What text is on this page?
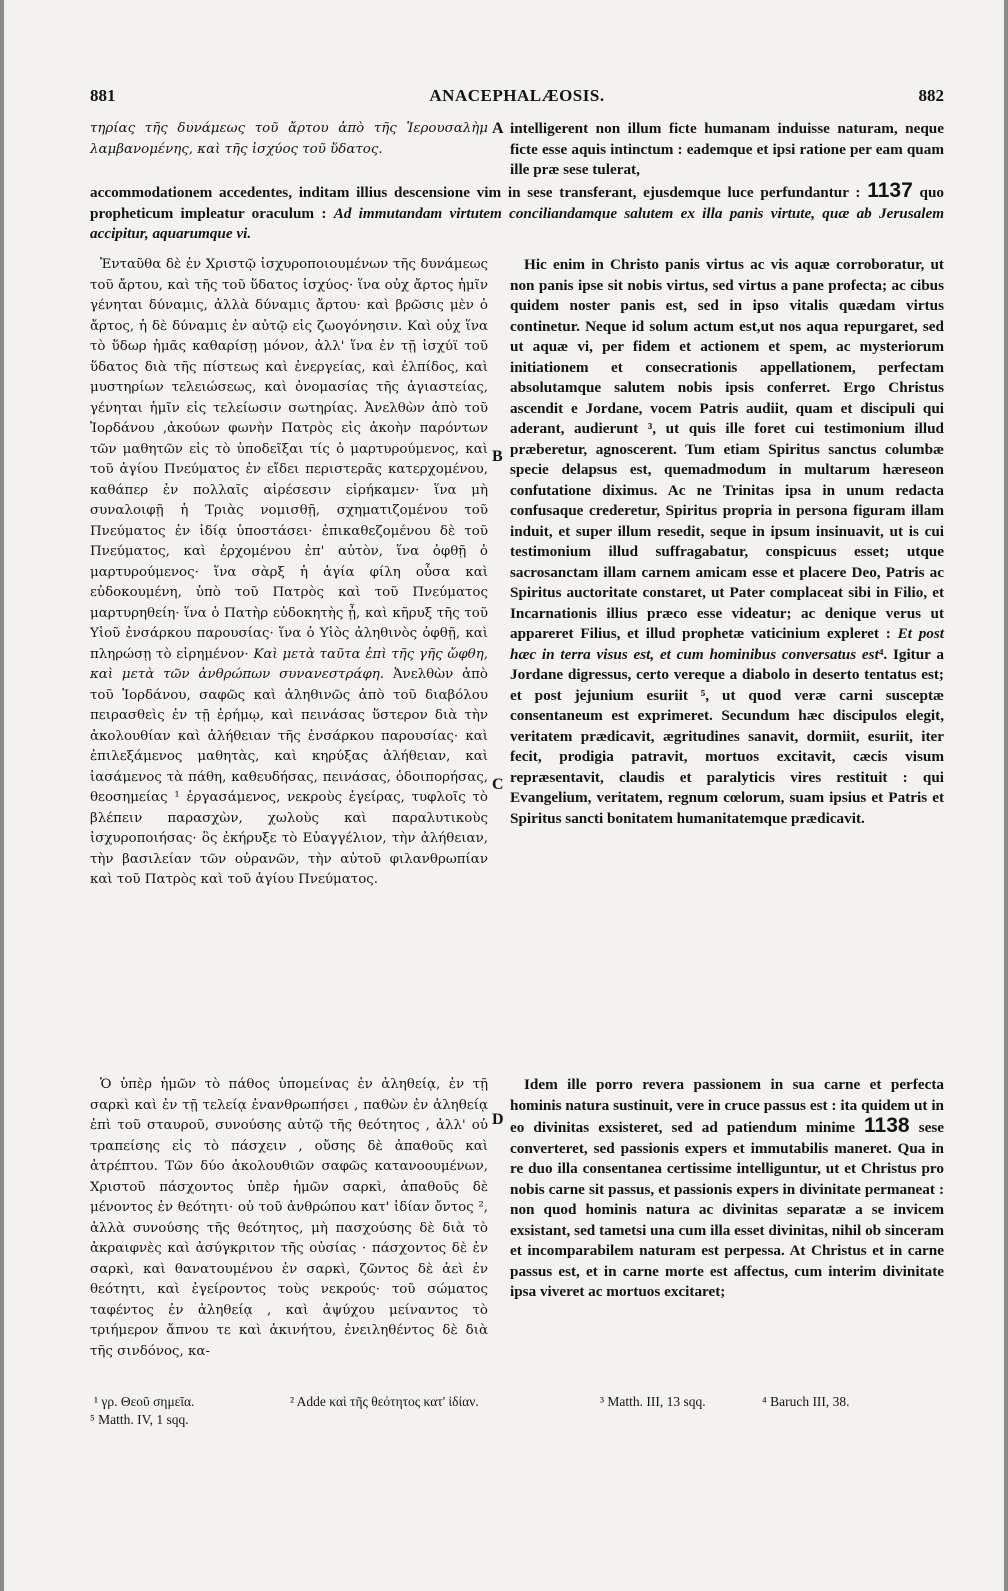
881	ANACEPHALÆOSIS.	882

τηρίας τῆς δυνάμεως τοῦ ἄρτου ἀπὸ τῆς Ἱερουσαλὴμ λαμβανομένης, καὶ τῆς ἰσχύος τοῦ ὕδατος.

A intelligerent non illum ficte humanam induisse naturam, neque ficte esse aquis intinctum : eademque et ipsi ratione per eam quam ille præ sese tulerat,

accommodationem accedentes, inditam illius descensione vim in sese transferant, ejusdemque luce perfundantur : 1137 quo propheticum impleatur oraculum : Ad immutandam virtutem conciliandamque salutem ex illa panis virtute, quæ ab Jerusalem accipitur, aquarumque vi.

Ἐνταῦθα δὲ ἐν Χριστῷ ἰσχυροποιουμένων τῆς δυνάμεως τοῦ ἄρτου, καὶ τῆς τοῦ ὕδατος ἰσχύος· ἵνα οὐχ ἄρτος ἡμῖν γένηται δύναμις, ἀλλὰ δύναμις ἄρτου· καὶ βρῶσις μὲν ὁ ἄρτος, ἡ δὲ δύναμις ἐν αὐτῷ εἰς ζωογόνησιν. Καὶ οὐχ ἵνα τὸ ὕδωρ ἡμᾶς καθαρίσῃ μόνον, ἀλλ' ἵνα ἐν τῇ ἰσχύϊ τοῦ ὕδατος διὰ τῆς πίστεως καὶ ἐνεργείας, καὶ ἐλπίδος, καὶ μυστηρίων τελειώσεως, καὶ ὀνομασίας τῆς ἁγιαστείας, γένηται ἡμῖν εἰς τελείωσιν σωτηρίας. Ἀνελθὼν ἀπὸ τοῦ Ἰορδάνου ,ἀκούων φωνὴν Πατρὸς εἰς ἀκοὴν παρόντων τῶν μαθητῶν εἰς τὸ ὑποδεῖξαι τίς ὁ μαρτυρούμενος, καὶ τοῦ ἁγίου Πνεύματος ἐν εἴδει περιστερᾶς κατερχομένου, καθάπερ ἐν πολλαῖς αἱρέσεσιν εἰρήκαμεν· ἵνα μὴ συναλοιφῇ ἡ Τριὰς νομισθῇ, σχηματιζομένου τοῦ Πνεύματος ἐν ἰδίᾳ ὑποστάσει· ἐπικαθεζομένου δὲ τοῦ Πνεύματος, καὶ ἐρχομένου ἐπ' αὐτὸν, ἵνα ὀφθῇ ὁ μαρτυρούμενος· ἵνα σὰρξ ἡ ἁγία φίλη οὖσα καὶ εὐδοκουμένη, ὑπὸ τοῦ Πατρὸς καὶ τοῦ Πνεύματος μαρτυρηθείη· ἵνα ὁ Πατὴρ εὐδοκητὴς ᾖ, καὶ κῆρυξ τῆς τοῦ Υἱοῦ ἐνσάρκου παρουσίας· ἵνα ὁ Υἱὸς ἀληθινὸς ὀφθῇ, καὶ πληρώσῃ τὸ εἰρημένον· Καὶ μετὰ ταῦτα ἐπὶ τῆς γῆς ὤφθη, καὶ μετὰ τῶν ἀνθρώπων συνανεστράφη. Ἀνελθὼν ἀπὸ τοῦ Ἰορδάνου, σαφῶς καὶ ἀληθινῶς ἀπὸ τοῦ διαβόλου πειρασθεὶς ἐν τῇ ἐρήμῳ, καὶ πεινάσας ὕστερον διὰ τὴν ἀκολουθίαν καὶ ἀλήθειαν τῆς ἐνσάρκου παρουσίας· καὶ ἐπιλεξάμενος μαθητὰς, καὶ κηρύξας ἀλήθειαν, καὶ ἰασάμενος τὰ πάθη, καθευδήσας, πεινάσας, ὁδοιπορήσας, θεοσημείας ¹ ἐργασάμενος, νεκροὺς ἐγείρας, τυφλοῖς τὸ βλέπειν παρασχὼν, χωλοὺς καὶ παραλυτικοὺς ἰσχυροποιήσας· ὃς ἐκήρυξε τὸ Εὐαγγέλιον, τὴν ἀλήθειαν, τὴν βασιλείαν τῶν οὐρανῶν, τὴν αὐτοῦ φιλανθρωπίαν καὶ τοῦ Πατρὸς καὶ τοῦ ἁγίου Πνεύματος.

Ὁ ὑπὲρ ἡμῶν τὸ πάθος ὑπομείνας ἐν ἀληθείᾳ, ἐν τῇ σαρκὶ καὶ ἐν τῇ τελείᾳ ἐνανθρωπήσει , παθὼν ἐν ἀληθείᾳ ἐπὶ τοῦ σταυροῦ, συνούσης αὐτῷ τῆς θεότητος , ἀλλ' οὐ τραπείσης εἰς τὸ πάσχειν , οὔσης δὲ ἀπαθοῦς καὶ ἀτρέπτου. Τῶν δύο ἀκολουθιῶν σαφῶς κατανοουμένων, Χριστοῦ πάσχοντος ὑπὲρ ἡμῶν σαρκὶ, ἀπαθοῦς δὲ μένοντος ἐν θεότητι· οὐ τοῦ ἀνθρώπου κατ' ἰδίαν ὄντος ², ἀλλὰ συνούσης τῆς θεότητος, μὴ πασχούσης δὲ διὰ τὸ ἀκραιφνὲς καὶ ἀσύγκριτον τῆς οὐσίας · πάσχοντος δὲ ἐν σαρκὶ, καὶ θανατουμένου ἐν σαρκὶ, ζῶντος δὲ ἀεὶ ἐν θεότητι, καὶ ἐγείροντος τοὺς νεκρούς· τοῦ σώματος ταφέντος ἐν ἀληθείᾳ , καὶ ἀψύχου μείναντος τὸ τριήμερον ἄπνου τε καὶ ἀκινήτου, ἐνειληθέντος δὲ διὰ τῆς σινδόνος, κα-

B
C
D

Hic enim in Christo panis virtus ac vis aquæ corroboratur, ut non panis ipse sit nobis virtus, sed virtus a pane profecta; ac cibus quidem noster panis est, sed in ipso vitalis quædam virtus continetur. Neque id solum actum est,ut nos aqua repurgaret, sed ut aquæ vi, per fidem et actionem et spem, ac mysteriorum initiationem et consecrationis appellationem, perfectam absolutamque salutem nobis ipsis conferret. Ergo Christus ascendit e Jordane, vocem Patris audiit, quam et discipuli qui aderant, audierunt ³, ut quis ille foret cui testimonium illud præberetur, agnoscerent. Tum etiam Spiritus sanctus columbæ specie delapsus est, quemadmodum in multarum hæreseon confutatione diximus. Ac ne Trinitas ipsa in unum redacta confusaque crederetur, Spiritus propria in persona figuram illam induit, et super illum resedit, seque in ipsum insinuavit, ut is cui testimonium illud suffragabatur, conspicuus esset; utque sacrosanctam illam carnem amicam esse et placere Deo, Patris ac Spiritus auctoritate constaret, ut Pater complaceat sibi in Filio, et Incarnationis illius præco esse videatur; ac denique verus ut appareret Filius, et illud prophetæ vaticinium expleret : Et post hæc in terra visus est, et cum hominibus conversatus est⁴. Igitur a Jordane digressus, certo vereque a diabolo in deserto tentatus est; et post jejunium esuriit ⁵, ut quod veræ carni susceptæ consentaneum est exprimeret. Secundum hæc discipulos elegit, veritatem prædicavit, ægritudines sanavit, dormiit, esuriit, iter fecit, prodigia patravit, mortuos excitavit, cæcis visum repræsentavit, claudis et paralyticis vires restituit : qui Evangelium, veritatem, regnum cœlorum, suam ipsius et Patris et Spiritus sancti bonitatem humanitatemque prædicavit.

Idem ille porro revera passionem in sua carne et perfecta hominis natura sustinuit, vere in cruce passus est : ita quidem ut in eo divinitas exsisteret, sed ad patiendum minime 1138 sese converteret, sed passionis expers et immutabilis maneret. Qua in re duo illa consentanea certissime intelliguntur, ut et Christus pro nobis carne sit passus, et passionis expers in divinitate permaneat : non quod hominis natura ac divinitas separatæ a se invicem exsistant, sed tametsi una cum illa esset divinitas, nihil ob sinceram et incomparabilem naturam est perpessa. At Christus et in carne passus est, et in carne morte est affectus, cum interim divinitate ipsa viveret ac mortuos excitaret;

¹ γρ. Θεοῦ σημεῖα.	² Adde καὶ τῆς θεότητος κατ' ἰδίαν.	³ Matth. III, 13 sqq.	⁴ Baruch III, 38.
⁵ Matth. IV, 1 sqq.
